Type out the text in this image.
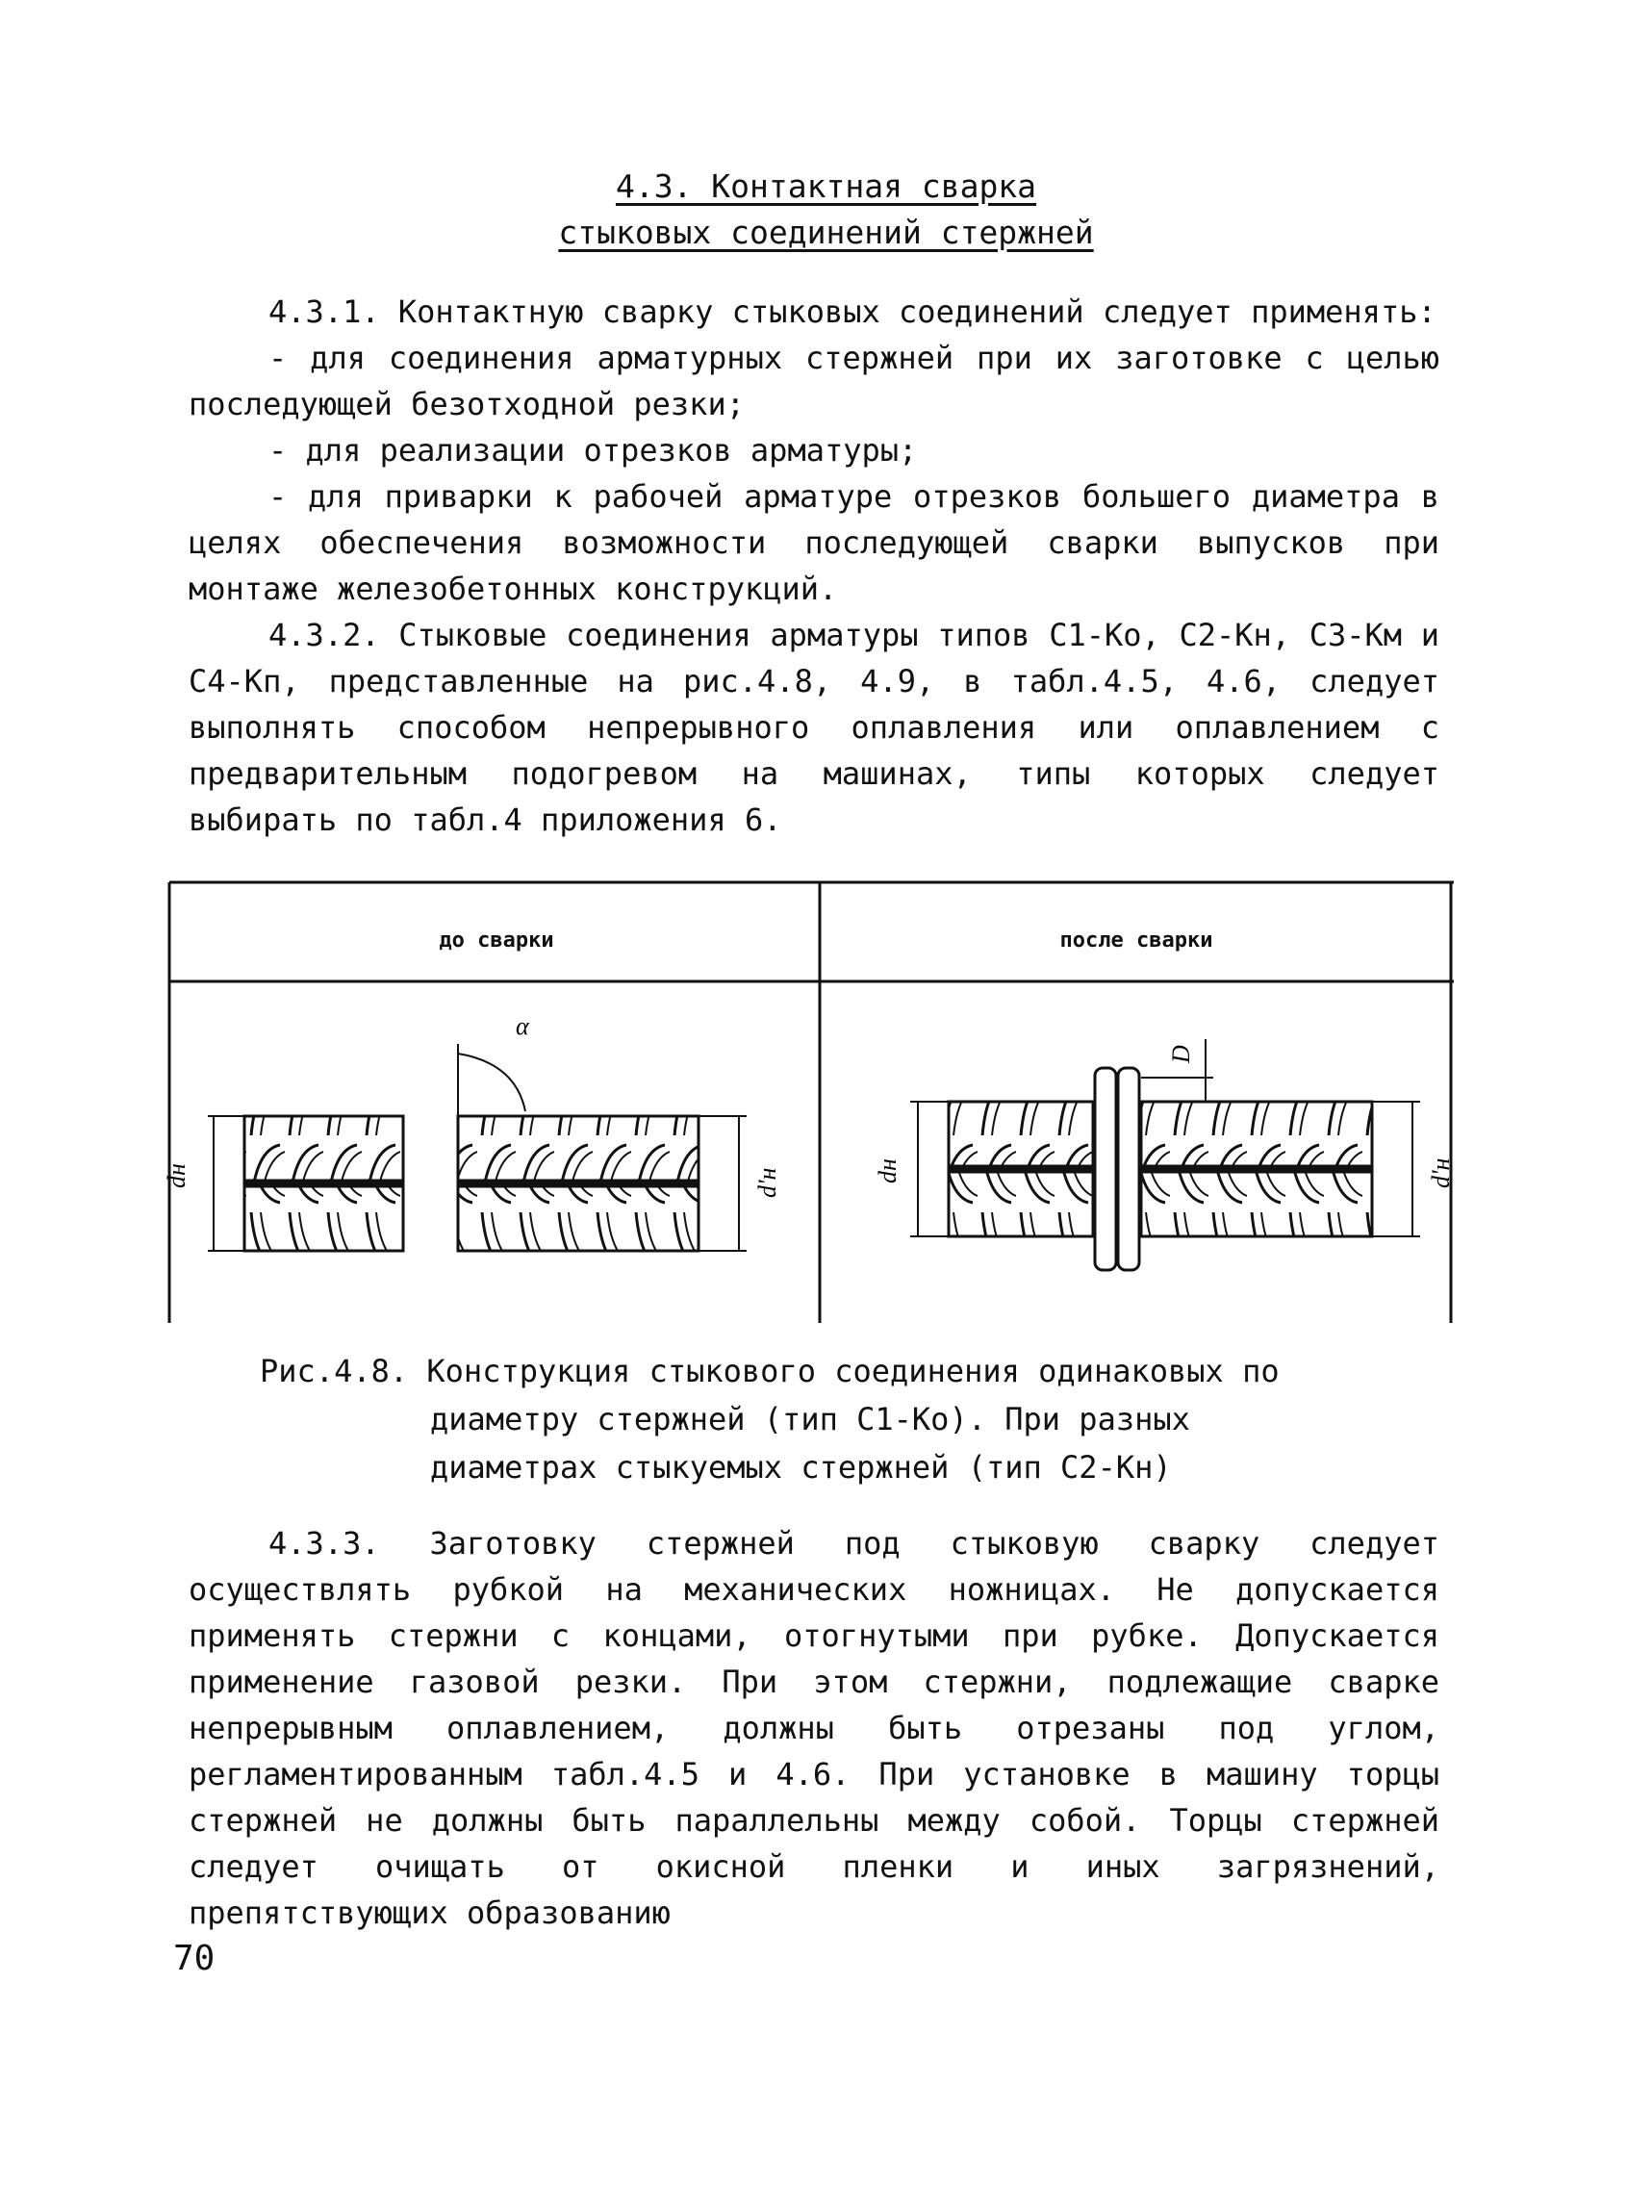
4.3. Контактная сварка
стыковых соединений стержней

4.3.1. Контактную сварку стыковых соединений следует применять:

- для соединения арматурных стержней при их заготовке с целью последующей безотходной резки;

- для реализации отрезков арматуры;

- для приварки к рабочей арматуре отрезков большего диаметра в целях обеспечения возможности последующей сварки выпусков при монтаже железобетонных конструкций.

4.3.2. Стыковые соединения арматуры типов С1-Ко, С2-Кн, С3-Км и С4-Кп, представленные на рис.4.8, 4.9, в табл.4.5, 4.6, следует выполнять способом непрерывного оплавления или оплавлением с предварительным подогревом на машинах, типы которых следует выбирать по табл.4 приложения 6.

dн	d'н
α
dн
D
d'н
до сварки	после сварки
Рис.4.8. Конструкция стыкового соединения одинаковых по
диаметру стержней (тип С1-Ко). При разных
диаметрах стыкуемых стержней (тип С2-Кн)

4.3.3. Заготовку стержней под стыковую сварку следует осуществлять рубкой на механических ножницах. Не допускается применять стержни с концами, отогнутыми при рубке. Допускается применение газовой резки. При этом стержни, подлежащие сварке непрерывным оплавлением, должны быть отрезаны под углом, регламентированным табл.4.5 и 4.6. При установке в машину торцы стержней не должны быть параллельны между собой. Торцы стержней следует очищать от окисной пленки и иных загрязнений, препятствующих образованию

70
